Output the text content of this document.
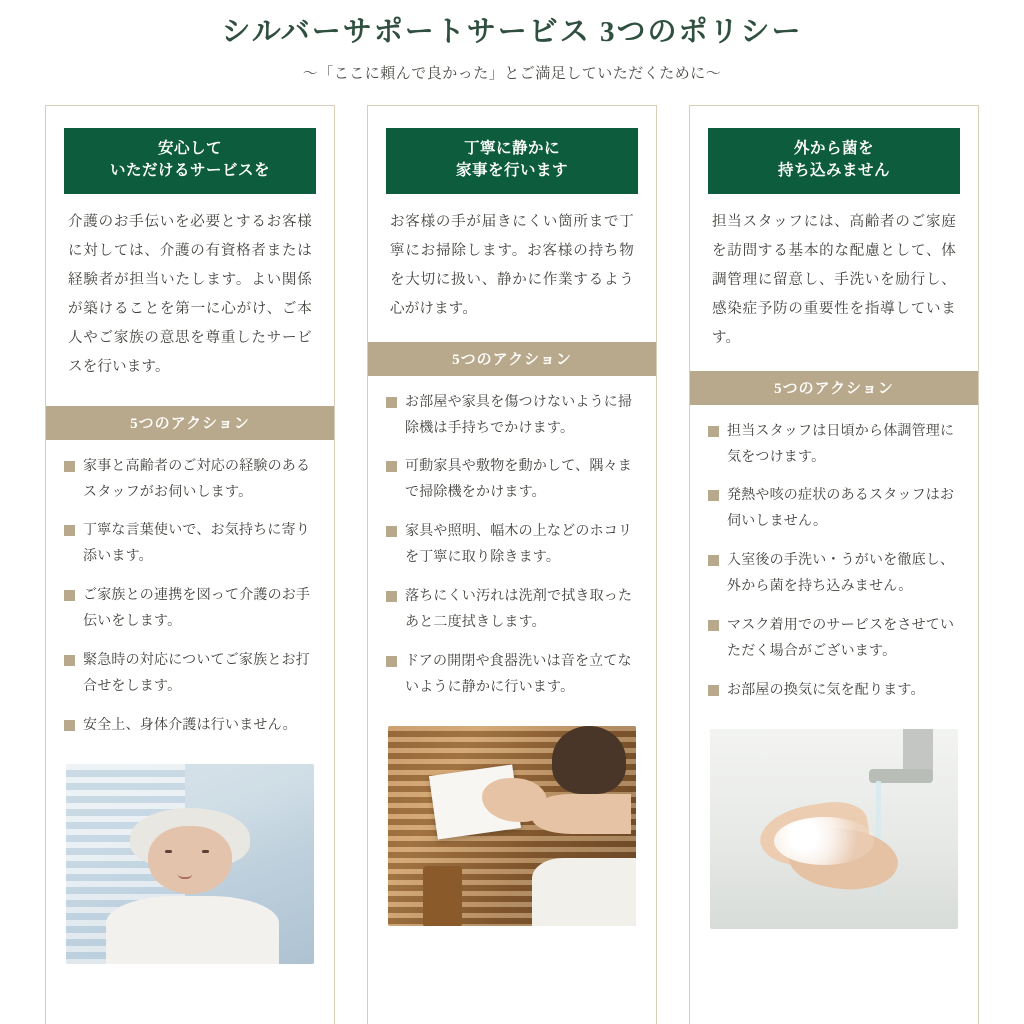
シルバーサポートサービス 3つのポリシー
～「ここに頼んで良かった」とご満足していただくために～
安心して
いただけるサービスを
介護のお手伝いを必要とするお客様に対しては、介護の有資格者または経験者が担当いたします。よい関係が築けることを第一に心がけ、ご本人やご家族の意思を尊重したサービスを行います。
5つのアクション
家事と高齢者のご対応の経験のあるスタッフがお伺いします。
丁寧な言葉使いで、お気持ちに寄り添います。
ご家族との連携を図って介護のお手伝いをします。
緊急時の対応についてご家族とお打合せをします。
安全上、身体介護は行いません。
丁寧に静かに
家事を行います
お客様の手が届きにくい箇所まで丁寧にお掃除します。お客様の持ち物を大切に扱い、静かに作業するよう心がけます。
5つのアクション
お部屋や家具を傷つけないように掃除機は手持ちでかけます。
可動家具や敷物を動かして、隅々まで掃除機をかけます。
家具や照明、幅木の上などのホコリを丁寧に取り除きます。
落ちにくい汚れは洗剤で拭き取ったあと二度拭きします。
ドアの開閉や食器洗いは音を立てないように静かに行います。
外から菌を
持ち込みません
担当スタッフには、高齢者のご家庭を訪問する基本的な配慮として、体調管理に留意し、手洗いを励行し、感染症予防の重要性を指導しています。
5つのアクション
担当スタッフは日頃から体調管理に気をつけます。
発熱や咳の症状のあるスタッフはお伺いしません。
入室後の手洗い・うがいを徹底し、外から菌を持ち込みません。
マスク着用でのサービスをさせていただく場合がございます。
お部屋の換気に気を配ります。
